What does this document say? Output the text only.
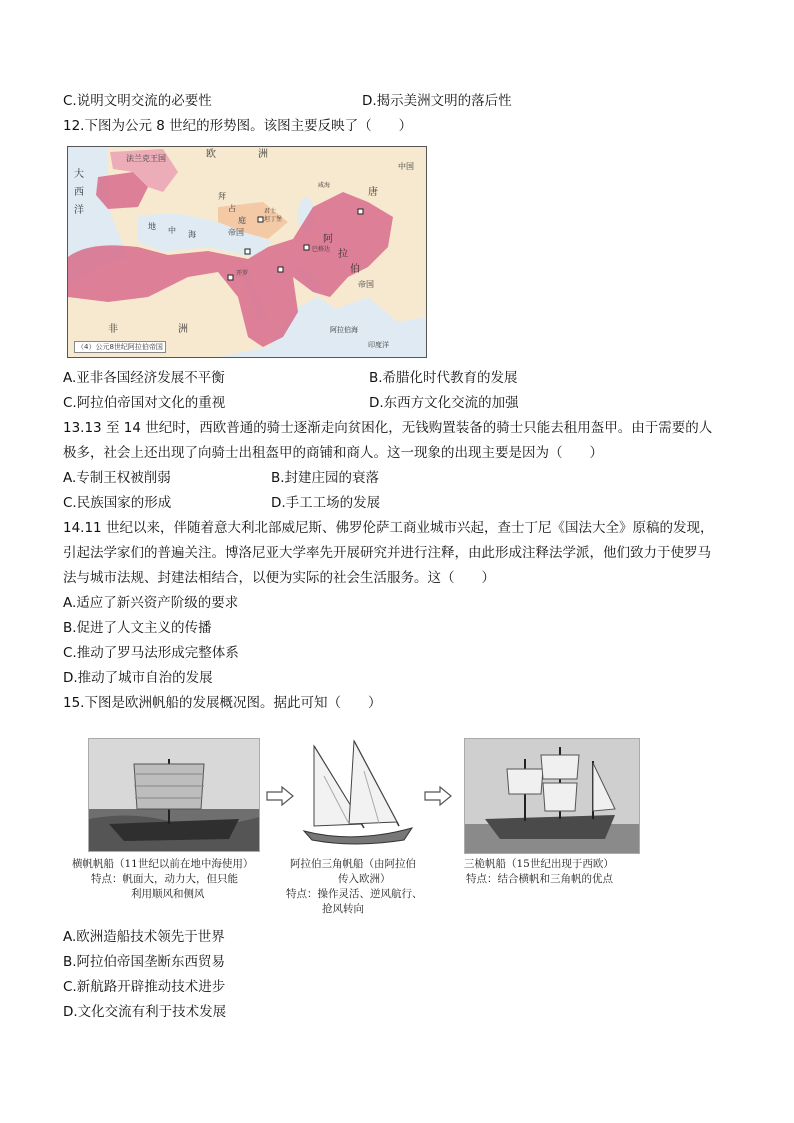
C.说明文明交流的必要性	D.揭示美洲文明的落后性
12.下图为公元 8 世纪的形势图。该图主要反映了（　　）
法兰克王国	欧	洲
中国
大
西
洋
拜
占
庭
帝国
阿
拉
伯
帝国
君士
坦丁堡
巴格达
开罗
非	洲	阿拉伯海
印度洋
唐
地 中 海
咸海
（4）公元8世纪阿拉伯帝国
A.亚非各国经济发展不平衡	B.希腊化时代教育的发展
C.阿拉伯帝国对文化的重视	D.东西方文化交流的加强
13.13 至 14 世纪时，西欧普通的骑士逐渐走向贫困化，无钱购置装备的骑士只能去租用盔甲。由于需要的人
极多，社会上还出现了向骑士出租盔甲的商铺和商人。这一现象的出现主要是因为（　　）
A.专制王权被削弱	B.封建庄园的衰落
C.民族国家的形成	D.手工工场的发展
14.11 世纪以来，伴随着意大利北部威尼斯、佛罗伦萨工商业城市兴起，查士丁尼《国法大全》原稿的发现，
引起法学家们的普遍关注。博洛尼亚大学率先开展研究并进行注释，由此形成注释法学派，他们致力于使罗马
法与城市法规、封建法相结合，以便为实际的社会生活服务。这（　　）
A.适应了新兴资产阶级的要求
B.促进了人文主义的传播
C.推动了罗马法形成完整体系
D.推动了城市自治的发展
15.下图是欧洲帆船的发展概况图。据此可知（　　）
横帆帆船（11世纪以前在地中海使用）
特点：帆面大，动力大，但只能
利用顺风和侧风
阿拉伯三角帆船（由阿拉伯
传入欧洲）
特点：操作灵活、逆风航行、
抢风转向
三桅帆船（15世纪出现于西欧）
特点：结合横帆和三角帆的优点
A.欧洲造船技术领先于世界
B.阿拉伯帝国垄断东西贸易
C.新航路开辟推动技术进步
D.文化交流有利于技术发展
